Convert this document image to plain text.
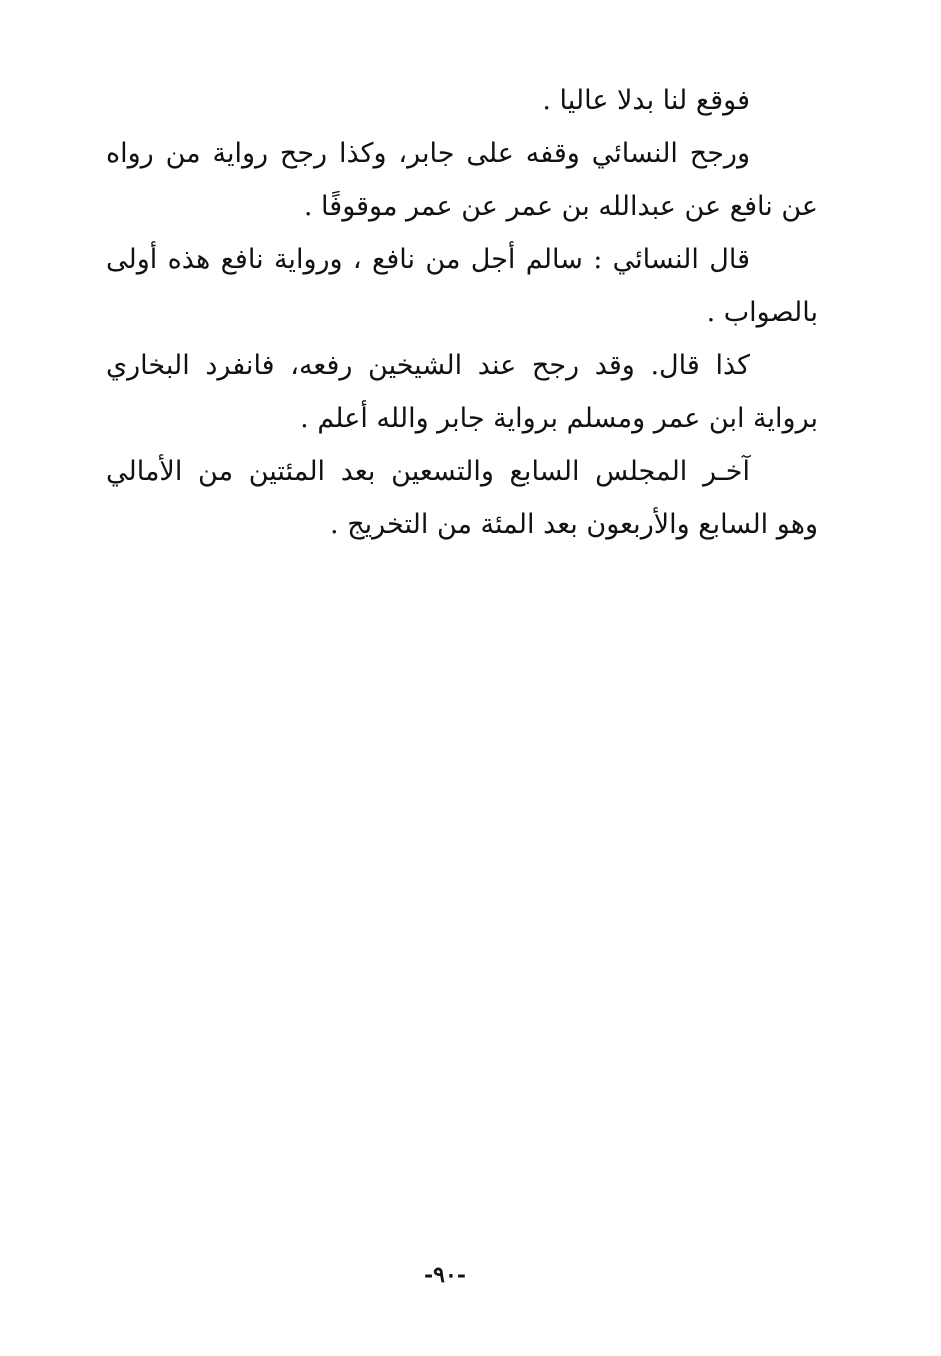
فوقع لنا بدلا عاليا .

ورجح النسائي وقفه على جابر، وكذا رجح رواية من رواه عن نافع عن عبدالله بن عمر عن عمر موقوفًا .

قال النسائي : سالم أجل من نافع ، ورواية نافع هذه أولى بالصواب .

كذا قال. وقد رجح عند الشيخين رفعه، فانفرد البخاري برواية ابن عمر ومسلم برواية جابر والله أعلم .

آخـر المجلس السابع والتسعين بعد المئتين من الأمالي وهو السابع والأربعون بعد المئة من التخريج .

-٩٠-
